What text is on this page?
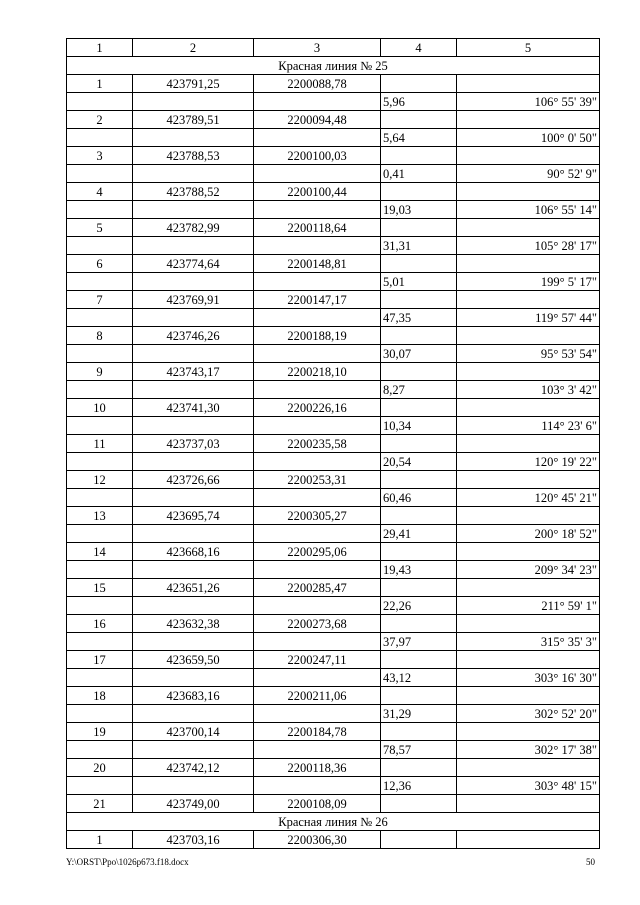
1	2	3	4	5
Красная линия № 25				
1	423791,25	2200088,78		
			5,96	106° 55' 39"
2	423789,51	2200094,48		
			5,64	100° 0' 50"
3	423788,53	2200100,03		
			0,41	90° 52' 9"
4	423788,52	2200100,44		
			19,03	106° 55' 14"
5	423782,99	2200118,64		
			31,31	105° 28' 17"
6	423774,64	2200148,81		
			5,01	199° 5' 17"
7	423769,91	2200147,17		
			47,35	119° 57' 44"
8	423746,26	2200188,19		
			30,07	95° 53' 54"
9	423743,17	2200218,10		
			8,27	103° 3' 42"
10	423741,30	2200226,16		
			10,34	114° 23' 6"
11	423737,03	2200235,58		
			20,54	120° 19' 22"
12	423726,66	2200253,31		
			60,46	120° 45' 21"
13	423695,74	2200305,27		
			29,41	200° 18' 52"
14	423668,16	2200295,06		
			19,43	209° 34' 23"
15	423651,26	2200285,47		
			22,26	211° 59' 1"
16	423632,38	2200273,68		
			37,97	315° 35' 3"
17	423659,50	2200247,11		
			43,12	303° 16' 30"
18	423683,16	2200211,06		
			31,29	302° 52' 20"
19	423700,14	2200184,78		
			78,57	302° 17' 38"
20	423742,12	2200118,36		
			12,36	303° 48' 15"
21	423749,00	2200108,09		
Красная линия № 26				
1	423703,16	2200306,30		
Y:\ORST\Ppo\1026p673.f18.docx	50
